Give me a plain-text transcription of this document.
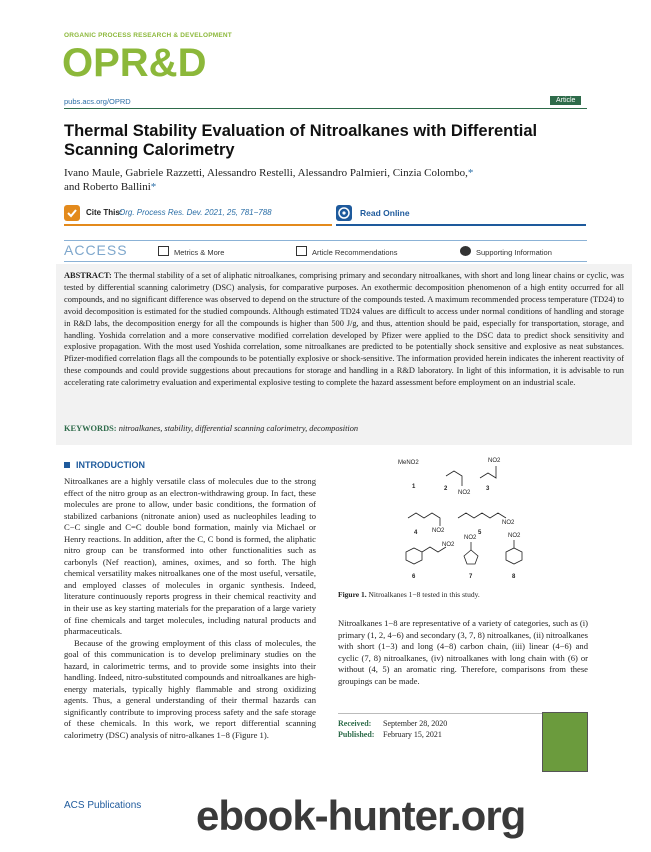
ORGANIC PROCESS RESEARCH & DEVELOPMENT
OPR&D
pubs.acs.org/OPRD	Article
Thermal Stability Evaluation of Nitroalkanes with Differential Scanning Calorimetry
Ivano Maule, Gabriele Razzetti, Alessandro Restelli, Alessandro Palmieri, Cinzia Colombo,*
and Roberto Ballini*
Cite This:
Org. Process Res. Dev. 2021, 25, 781−788	Read Online
ACCESS	Metrics & More	Article Recommendations	Supporting Information
ABSTRACT: The thermal stability of a set of aliphatic nitroalkanes, comprising primary and secondary nitroalkanes, with short and long linear chains or cyclic, was tested by differential scanning calorimetry (DSC) analysis, for comparative purposes. An exothermic decomposition phenomenon of a high entity occurred for all compounds, and no significant difference was observed to depend on the structure of the compounds tested. A maximum recommended process temperature (TD24) to avoid decomposition is estimated for the studied compounds. Although estimated TD24 values are difficult to access under normal conditions of handling and storage in R&D labs, the decomposition energy for all the compounds is higher than 500 J/g, and thus, attention should be paid, especially for transportation, storage, and handling. Yoshida correlation and a more conservative modified correlation developed by Pfizer were applied to the DSC data to predict shock sensitivity and explosive propagation. With the most used Yoshida correlation, some nitroalkanes are predicted to be potentially shock sensitive and explosive as neat substances. Pfizer-modified correlation flags all the compounds to be potentially explosive or shock-sensitive. The information provided herein indicates the inherent reactivity of these compounds and could provide suggestions about precautions for storage and handling in a R&D laboratory. In light of this information, it is advisable to run accelerating rate calorimetry evaluation and experimental explosive testing to complete the hazard assessment before employment on an industrial scale.
KEYWORDS: nitroalkanes, stability, differential scanning calorimetry, decomposition
INTRODUCTION

Nitroalkanes are a highly versatile class of molecules due to the strong effect of the nitro group as an electron-withdrawing group. In fact, these molecules are prone to allow, under basic conditions, the formation of stabilized carbanions (nitronate anion) used as nucleophiles leading to C−C single and C=C double bond formation, mainly via Michael or Henry reactions. In addition, after the C, C bond is formed, the aliphatic nitro group can be transformed into other functionalities such as carbonyls (Nef reaction), amines, oximes, and so forth. The high chemical versatility makes nitroalkanes one of the most useful, versatile, and employed classes of molecules in organic synthesis. Indeed, literature continuously reports progress in their chemical reactivity and in their use as key starting materials for the preparation of a large variety of fine chemicals and target molecules, including natural products and pharmaceuticals.

Because of the growing employment of this class of molecules, the goal of this communication is to develop preliminary studies on the hazard, in calorimetric terms, and to provide some insights into their handling. Indeed, nitro-substituted compounds and nitroalkanes are high-energy materials, typically highly flammable and strong oxidizing agents. Thus, a general understanding of their thermal hazards can significantly contribute to improving process safety and the safe storage of these chemicals. In this work, we report differential scanning calorimetry (DSC) analysis of nitro-alkanes 1−8 (Figure 1).

MeNO2
NO2
NO2
NO2
NO2
NO2
NO2	NO2
1	2	3
4	5
6	7	8
Figure 1. Nitroalkanes 1−8 tested in this study.
Nitroalkanes 1−8 are representative of a variety of categories, such as (i) primary (1, 2, 4−6) and secondary (3, 7, 8) nitroalkanes, (ii) nitroalkanes with short (1−3) and long (4−8) carbon chain, (iii) linear (4−6) and cyclic (7, 8) nitroalkanes, (iv) nitroalkanes with long chain with (6) or without (4, 5) an aromatic ring. Therefore, comparisons from these groupings can be made.
Received: September 28, 2020
Published: February 15, 2021
ACS Publications ebook-hunter.org
